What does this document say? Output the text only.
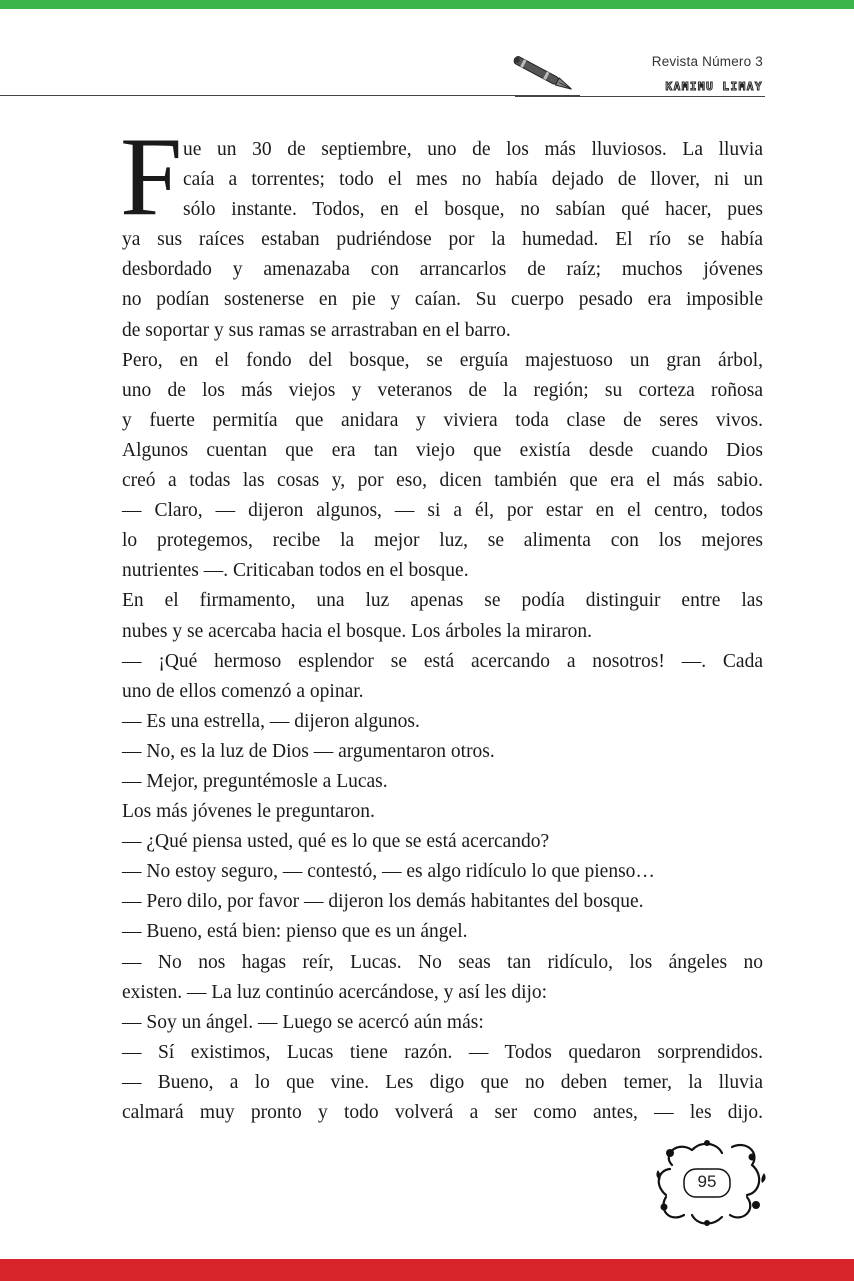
Revista Número 3
KAMIMU LIMAY
F ue un 30 de septiembre, uno de los más lluviosos. La lluvia
caía a torrentes; todo el mes no había dejado de llover, ni un
sólo instante. Todos, en el bosque, no sabían qué hacer, pues
ya sus raíces estaban pudriéndose por la humedad. El río se había
desbordado y amenazaba con arrancarlos de raíz; muchos jóvenes
no podían sostenerse en pie y caían. Su cuerpo pesado era imposible
de soportar y sus ramas se arrastraban en el barro.
Pero, en el fondo del bosque, se erguía majestuoso un gran árbol,
uno de los más viejos y veteranos de la región; su corteza roñosa
y fuerte permitía que anidara y viviera toda clase de seres vivos.
Algunos cuentan que era tan viejo que existía desde cuando Dios
creó a todas las cosas y, por eso, dicen también que era el más sabio.
— Claro, — dijeron algunos, — si a él, por estar en el centro, todos
lo protegemos, recibe la mejor luz, se alimenta con los mejores
nutrientes —. Criticaban todos en el bosque.
En el firmamento, una luz apenas se podía distinguir entre las
nubes y se acercaba hacia el bosque. Los árboles la miraron.
— ¡Qué hermoso esplendor se está acercando a nosotros! —. Cada
uno de ellos comenzó a opinar.
— Es una estrella, — dijeron algunos.
— No, es la luz de Dios — argumentaron otros.
— Mejor, preguntémosle a Lucas.
Los más jóvenes le preguntaron.
— ¿Qué piensa usted, qué es lo que se está acercando?
— No estoy seguro, — contestó, — es algo ridículo lo que pienso…
— Pero dilo, por favor — dijeron los demás habitantes del bosque.
— Bueno, está bien: pienso que es un ángel.
— No nos hagas reír, Lucas. No seas tan ridículo, los ángeles no
existen. — La luz continúo acercándose, y así les dijo:
— Soy un ángel. — Luego se acercó aún más:
— Sí existimos, Lucas tiene razón. — Todos quedaron sorprendidos.
— Bueno, a lo que vine. Les digo que no deben temer, la lluvia
calmará muy pronto y todo volverá a ser como antes, — les dijo.
95
